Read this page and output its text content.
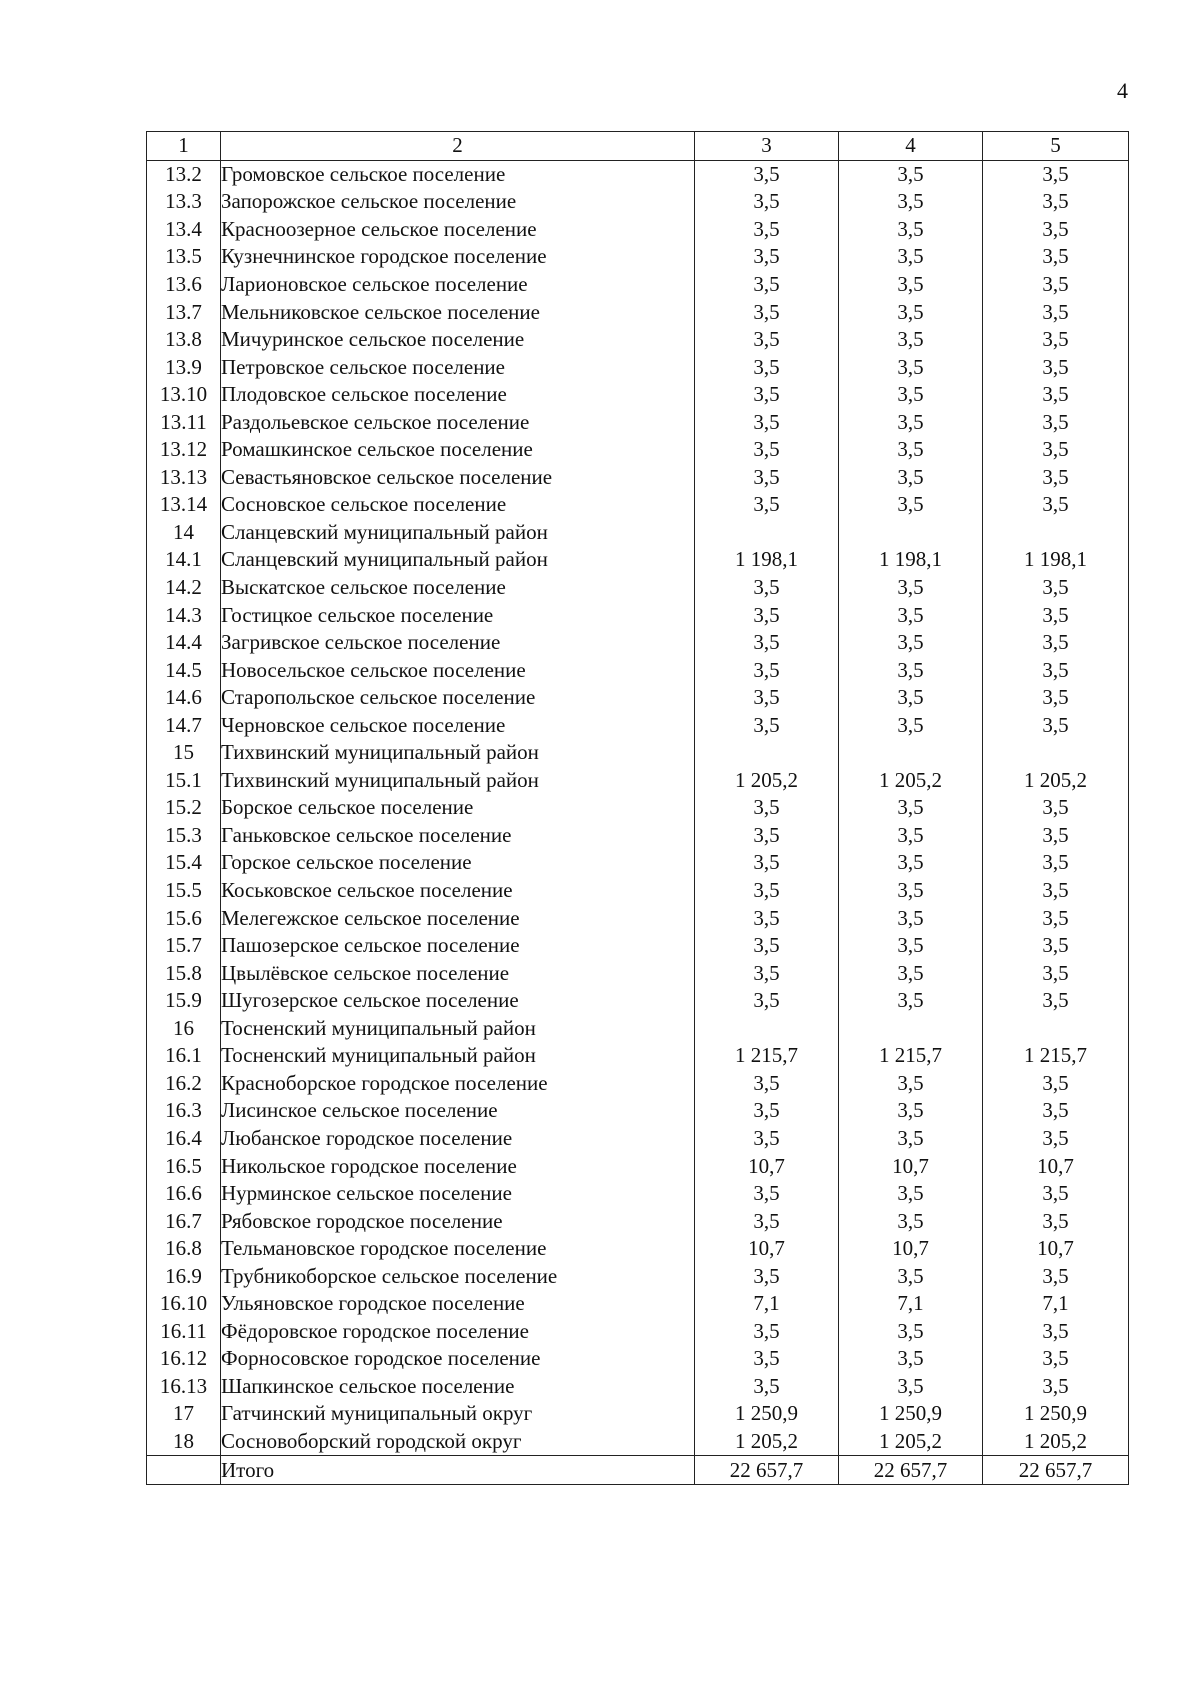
4
1	2	3	4	5
13.2	Громовское сельское поселение	3,5	3,5	3,5
13.3	Запорожское сельское поселение	3,5	3,5	3,5
13.4	Красноозерное сельское поселение	3,5	3,5	3,5
13.5	Кузнечнинское городское поселение	3,5	3,5	3,5
13.6	Ларионовское сельское поселение	3,5	3,5	3,5
13.7	Мельниковское сельское поселение	3,5	3,5	3,5
13.8	Мичуринское сельское поселение	3,5	3,5	3,5
13.9	Петровское сельское поселение	3,5	3,5	3,5
13.10	Плодовское сельское поселение	3,5	3,5	3,5
13.11	Раздольевское сельское поселение	3,5	3,5	3,5
13.12	Ромашкинское сельское поселение	3,5	3,5	3,5
13.13	Севастьяновское сельское поселение	3,5	3,5	3,5
13.14	Сосновское сельское поселение	3,5	3,5	3,5
14	Сланцевский муниципальный район			
14.1	Сланцевский муниципальный район	1 198,1	1 198,1	1 198,1
14.2	Выскатское сельское поселение	3,5	3,5	3,5
14.3	Гостицкое сельское поселение	3,5	3,5	3,5
14.4	Загривское сельское поселение	3,5	3,5	3,5
14.5	Новосельское сельское поселение	3,5	3,5	3,5
14.6	Старопольское сельское поселение	3,5	3,5	3,5
14.7	Черновское сельское поселение	3,5	3,5	3,5
15	Тихвинский муниципальный район			
15.1	Тихвинский муниципальный район	1 205,2	1 205,2	1 205,2
15.2	Борское сельское поселение	3,5	3,5	3,5
15.3	Ганьковское сельское поселение	3,5	3,5	3,5
15.4	Горское сельское поселение	3,5	3,5	3,5
15.5	Коськовское сельское поселение	3,5	3,5	3,5
15.6	Мелегежское сельское поселение	3,5	3,5	3,5
15.7	Пашозерское сельское поселение	3,5	3,5	3,5
15.8	Цвылёвское сельское поселение	3,5	3,5	3,5
15.9	Шугозерское сельское поселение	3,5	3,5	3,5
16	Тосненский муниципальный район			
16.1	Тосненский муниципальный район	1 215,7	1 215,7	1 215,7
16.2	Красноборское городское поселение	3,5	3,5	3,5
16.3	Лисинское сельское поселение	3,5	3,5	3,5
16.4	Любанское городское поселение	3,5	3,5	3,5
16.5	Никольское городское поселение	10,7	10,7	10,7
16.6	Нурминское сельское поселение	3,5	3,5	3,5
16.7	Рябовское городское поселение	3,5	3,5	3,5
16.8	Тельмановское городское поселение	10,7	10,7	10,7
16.9	Трубникоборское сельское поселение	3,5	3,5	3,5
16.10	Ульяновское городское поселение	7,1	7,1	7,1
16.11	Фёдоровское городское поселение	3,5	3,5	3,5
16.12	Форносовское городское поселение	3,5	3,5	3,5
16.13	Шапкинское сельское поселение	3,5	3,5	3,5
17	Гатчинский муниципальный округ	1 250,9	1 250,9	1 250,9
18	Сосновоборский городской округ	1 205,2	1 205,2	1 205,2
	Итого	22 657,7	22 657,7	22 657,7
